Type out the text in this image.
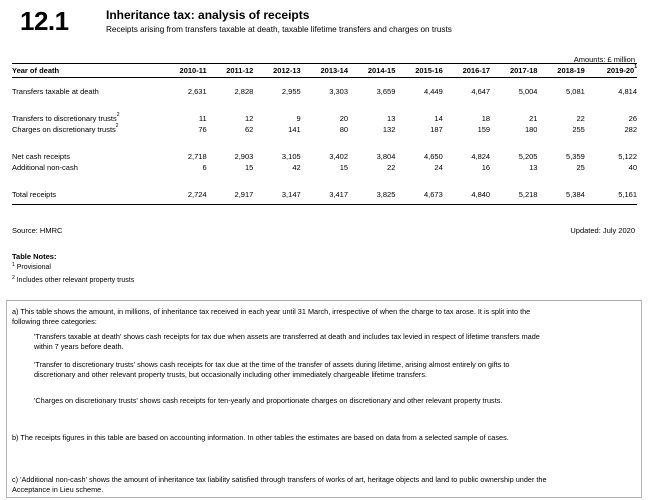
12.1	Inheritance tax: analysis of receipts
Receipts arising from transfers taxable at death, taxable lifetime transfers and charges on trusts
Amounts: £ million
Year of death	2010-11	2011-12	2012-13	2013-14	2014-15	2015-16	2016-17	2017-18	2018-19	$2019-20^1$

Transfers taxable at death	2,631	2,828	2,955	3,303	3,659	4,449	4,647	5,004	5,081	4,814

Transfers to discretionary trusts$^2$	11	12	9	20	13	14	18	21	22	26
Charges on discretionary trusts$^2$	76	62	141	80	132	187	159	180	255	282

Net cash receipts	2,718	2,903	3,105	3,402	3,804	4,650	4,824	5,205	5,359	5,122
Additional non-cash	6	15	42	15	22	24	16	13	25	40

Total receipts	2,724	2,917	3,147	3,417	3,825	4,673	4,840	5,218	5,384	5,161

Source: HMRC	Updated: July 2020
Table Notes:
$^1$ Provisional
$^2$ Includes other relevant property trusts
a) This table shows the amount, in millions, of inheritance tax received in each year until 31 March, irrespective of when the charge to tax arose. It is split into the following three categories:
'Transfers taxable at death' shows cash receipts for tax due when assets are transferred at death and includes tax levied in respect of lifetime transfers made within 7 years before death.
'Transfer to discretionary trusts' shows cash receipts for tax due at the time of the transfer of assets during lifetime, arising almost entirely on gifts to discretionary and other relevant property trusts, but occasionally including other immediately chargeable lifetime transfers.
'Charges on discretionary trusts' shows cash receipts for ten-yearly and proportionate charges on discretionary and other relevant property trusts.
b) The receipts figures in this table are based on accounting information. In other tables the estimates are based on data from a selected sample of cases.
c) 'Additional non-cash' shows the amount of inheritance tax liability satisfied through transfers of works of art, heritage objects and land to public ownership under the Acceptance in Lieu scheme.
